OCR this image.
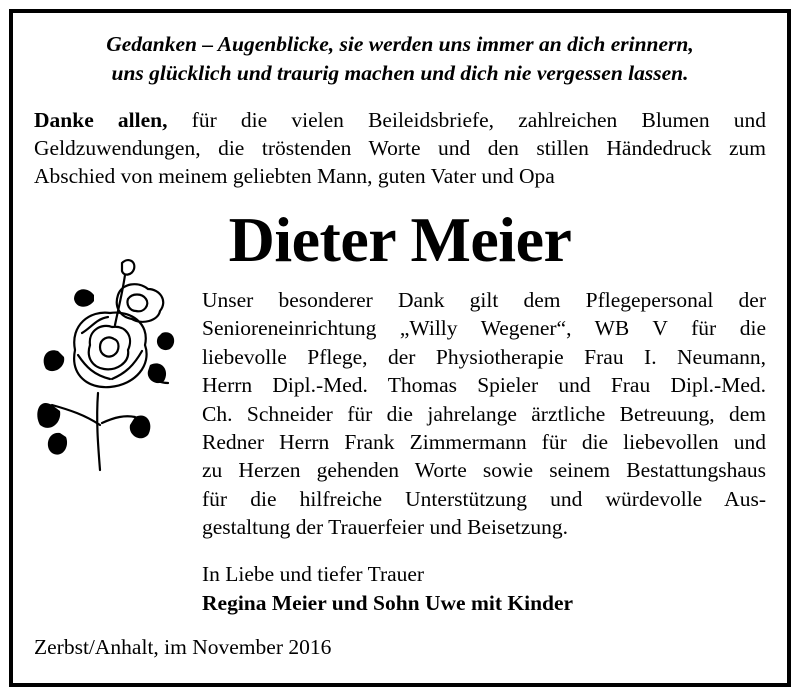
Gedanken – Augenblicke, sie werden uns immer an dich erinnern,
uns glücklich und traurig machen und dich nie vergessen lassen.
Danke allen, für die vielen Beileidsbriefe, zahlreichen Blumen und
Geldzuwendungen, die tröstenden Worte und den stillen Händedruck zum
Abschied von meinem geliebten Mann, guten Vater und Opa
Dieter Meier
Unser besonderer Dank gilt dem Pflegepersonal der
Senioreneinrichtung „Willy Wegener“, WB V für die
liebevolle Pflege, der Physiotherapie Frau I. Neumann,
Herrn Dipl.-Med. Thomas Spieler und Frau Dipl.-Med.
Ch. Schneider für die jahrelange ärztliche Betreuung, dem
Redner Herrn Frank Zimmermann für die liebevollen und
zu Herzen gehenden Worte sowie seinem Bestattungshaus
für die hilfreiche Unterstützung und würdevolle Aus-
gestaltung der Trauerfeier und Beisetzung.
In Liebe und tiefer Trauer
Regina Meier und Sohn Uwe mit Kinder
Zerbst/Anhalt, im November 2016
